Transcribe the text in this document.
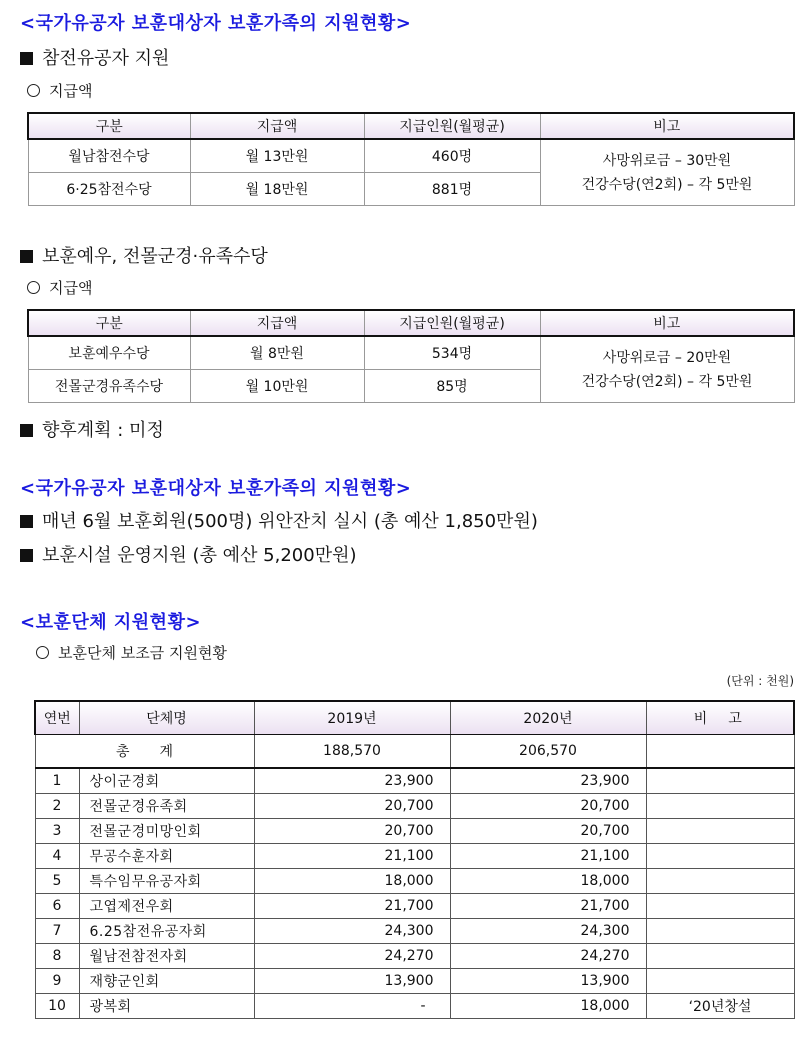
<국가유공자 보훈대상자 보훈가족의 지원현황>
참전유공자 지원
지급액
구분	지급액	지급인원(월평균)	비고
월남참전수당	월 13만원	460명	사망위로금 – 30만원
건강수당(연2회) – 각 5만원

6·25참전수당	월 18만원	881명	
보훈예우, 전몰군경·유족수당
지급액
구분	지급액	지급인원(월평균)	비고
보훈예우수당	월 8만원	534명	사망위로금 – 20만원
건강수당(연2회) – 각 5만원

전몰군경유족수당	월 10만원	85명	
향후계획 : 미정
<국가유공자 보훈대상자 보훈가족의 지원현황>
매년 6월 보훈회원(500명) 위안잔치 실시 (총 예산 1,850만원)
보훈시설 운영지원 (총 예산 5,200만원)
<보훈단체 지원현황>
보훈단체 보조금 지원현황
(단위 : 천원)
연번	단체명	2019년	2020년	비  고
총계		188,570	206,570	
1	상이군경회	23,900	23,900	
2	전몰군경유족회	20,700	20,700	
3	전몰군경미망인회	20,700	20,700	
4	무공수훈자회	21,100	21,100	
5	특수임무유공자회	18,000	18,000	
6	고엽제전우회	21,700	21,700	
7	6.25참전유공자회	24,300	24,300	
8	월남전참전자회	24,270	24,270	
9	재향군인회	13,900	13,900	
10	광복회	-	18,000	‘20년창설
